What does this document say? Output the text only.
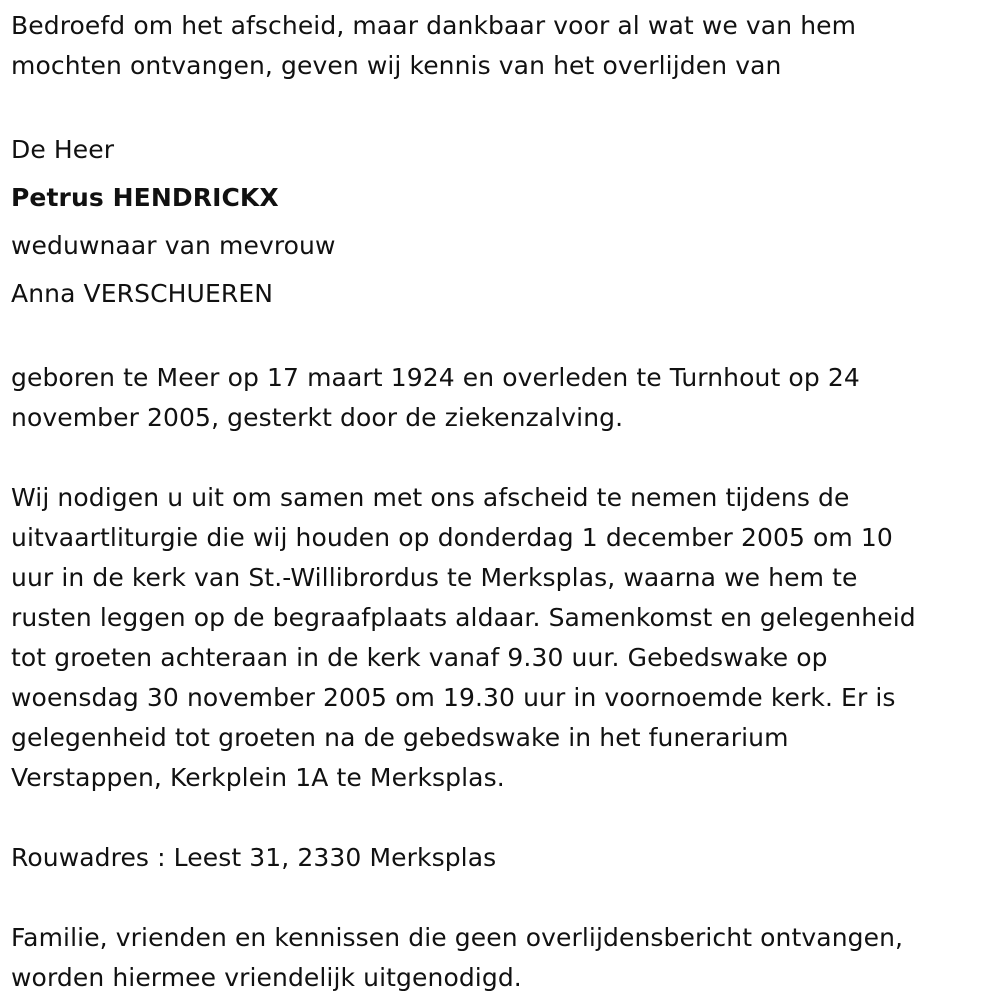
Bedroefd om het afscheid, maar dankbaar voor al wat we van hem

mochten ontvangen, geven wij kennis van het overlijden van

De Heer

Petrus HENDRICKX

weduwnaar van mevrouw

Anna VERSCHUEREN

geboren te Meer op 17 maart 1924 en overleden te Turnhout op 24

november 2005, gesterkt door de ziekenzalving.

Wij nodigen u uit om samen met ons afscheid te nemen tijdens de

uitvaartliturgie die wij houden op donderdag 1 december 2005 om 10

uur in de kerk van St.-Willibrordus te Merksplas, waarna we hem te

rusten leggen op de begraafplaats aldaar. Samenkomst en gelegenheid

tot groeten achteraan in de kerk vanaf 9.30 uur. Gebedswake op

woensdag 30 november 2005 om 19.30 uur in voornoemde kerk. Er is

gelegenheid tot groeten na de gebedswake in het funerarium

Verstappen, Kerkplein 1A te Merksplas.

Rouwadres : Leest 31, 2330 Merksplas

Familie, vrienden en kennissen die geen overlijdensbericht ontvangen,

worden hiermee vriendelijk uitgenodigd.
